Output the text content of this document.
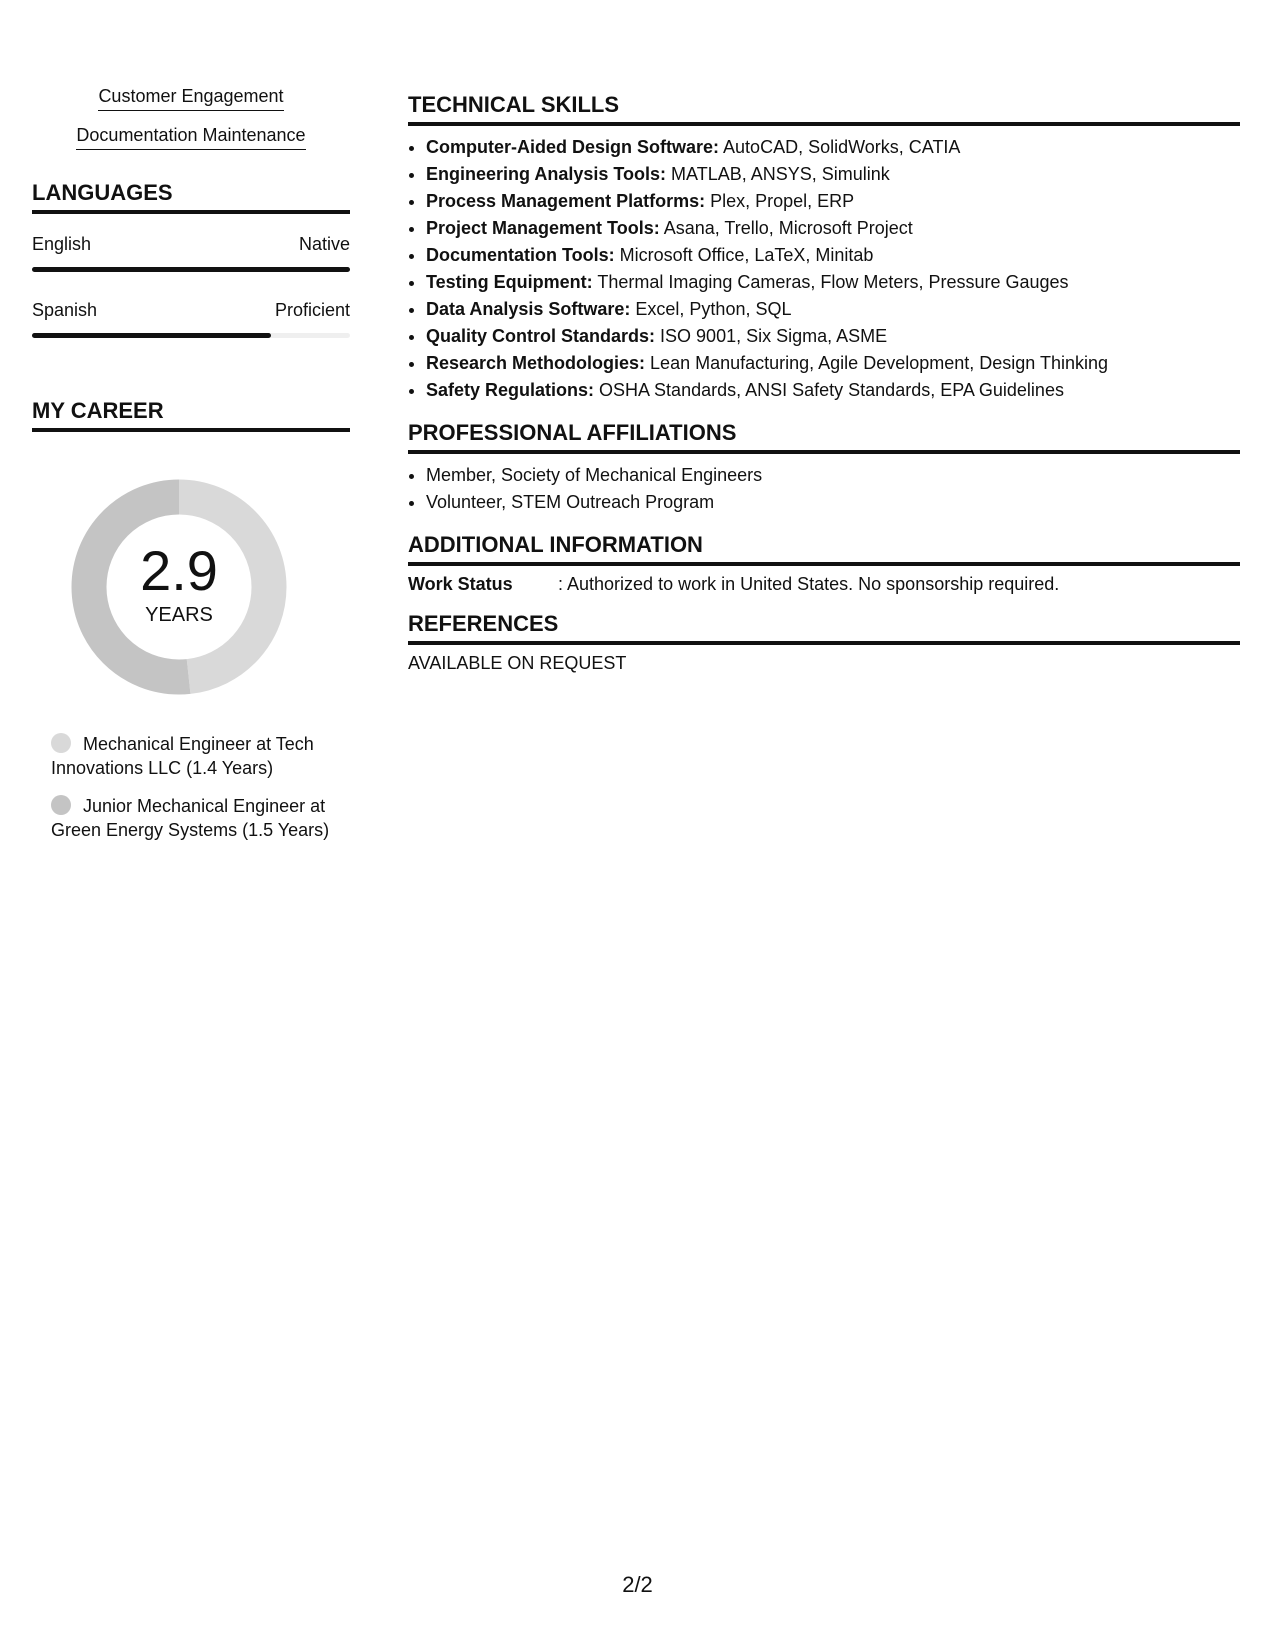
Customer Engagement
Documentation Maintenance
LANGUAGES
English	Native
Spanish	Proficient
MY CAREER
2.9
YEARS
Mechanical Engineer at Tech Innovations LLC (1.4 Years)
Junior Mechanical Engineer at Green Energy Systems (1.5 Years)
TECHNICAL SKILLS
• Computer-Aided Design Software: AutoCAD, SolidWorks, CATIA
• Engineering Analysis Tools: MATLAB, ANSYS, Simulink
• Process Management Platforms: Plex, Propel, ERP
• Project Management Tools: Asana, Trello, Microsoft Project
• Documentation Tools: Microsoft Office, LaTeX, Minitab
• Testing Equipment: Thermal Imaging Cameras, Flow Meters, Pressure Gauges
• Data Analysis Software: Excel, Python, SQL
• Quality Control Standards: ISO 9001, Six Sigma, ASME
• Research Methodologies: Lean Manufacturing, Agile Development, Design Thinking
• Safety Regulations: OSHA Standards, ANSI Safety Standards, EPA Guidelines
PROFESSIONAL AFFILIATIONS
• Member, Society of Mechanical Engineers
• Volunteer, STEM Outreach Program
ADDITIONAL INFORMATION
Work Status	: Authorized to work in United States. No sponsorship required.
REFERENCES
AVAILABLE ON REQUEST
2/2
